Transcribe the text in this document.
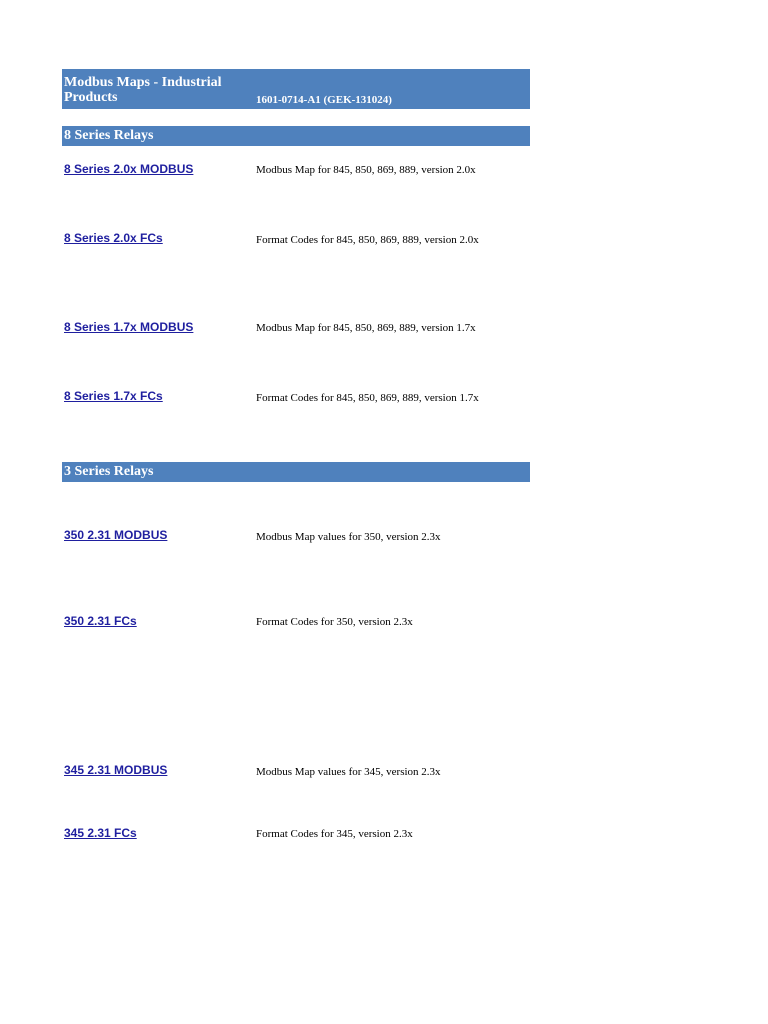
Modbus Maps - Industrial Products	1601-0714-A1 (GEK-131024)
8 Series Relays
8 Series 2.0x MODBUS	Modbus Map for 845, 850, 869, 889, version 2.0x
8 Series 2.0x FCs	Format Codes for 845, 850, 869, 889, version 2.0x
8 Series 1.7x MODBUS	Modbus Map for 845, 850, 869, 889, version 1.7x
8 Series 1.7x FCs	Format Codes for 845, 850, 869, 889, version 1.7x
3 Series Relays
350 2.31 MODBUS	Modbus Map values for 350, version 2.3x
350 2.31 FCs	Format Codes for 350, version 2.3x
345 2.31 MODBUS	Modbus Map values for 345, version 2.3x
345 2.31 FCs	Format Codes for 345, version 2.3x
